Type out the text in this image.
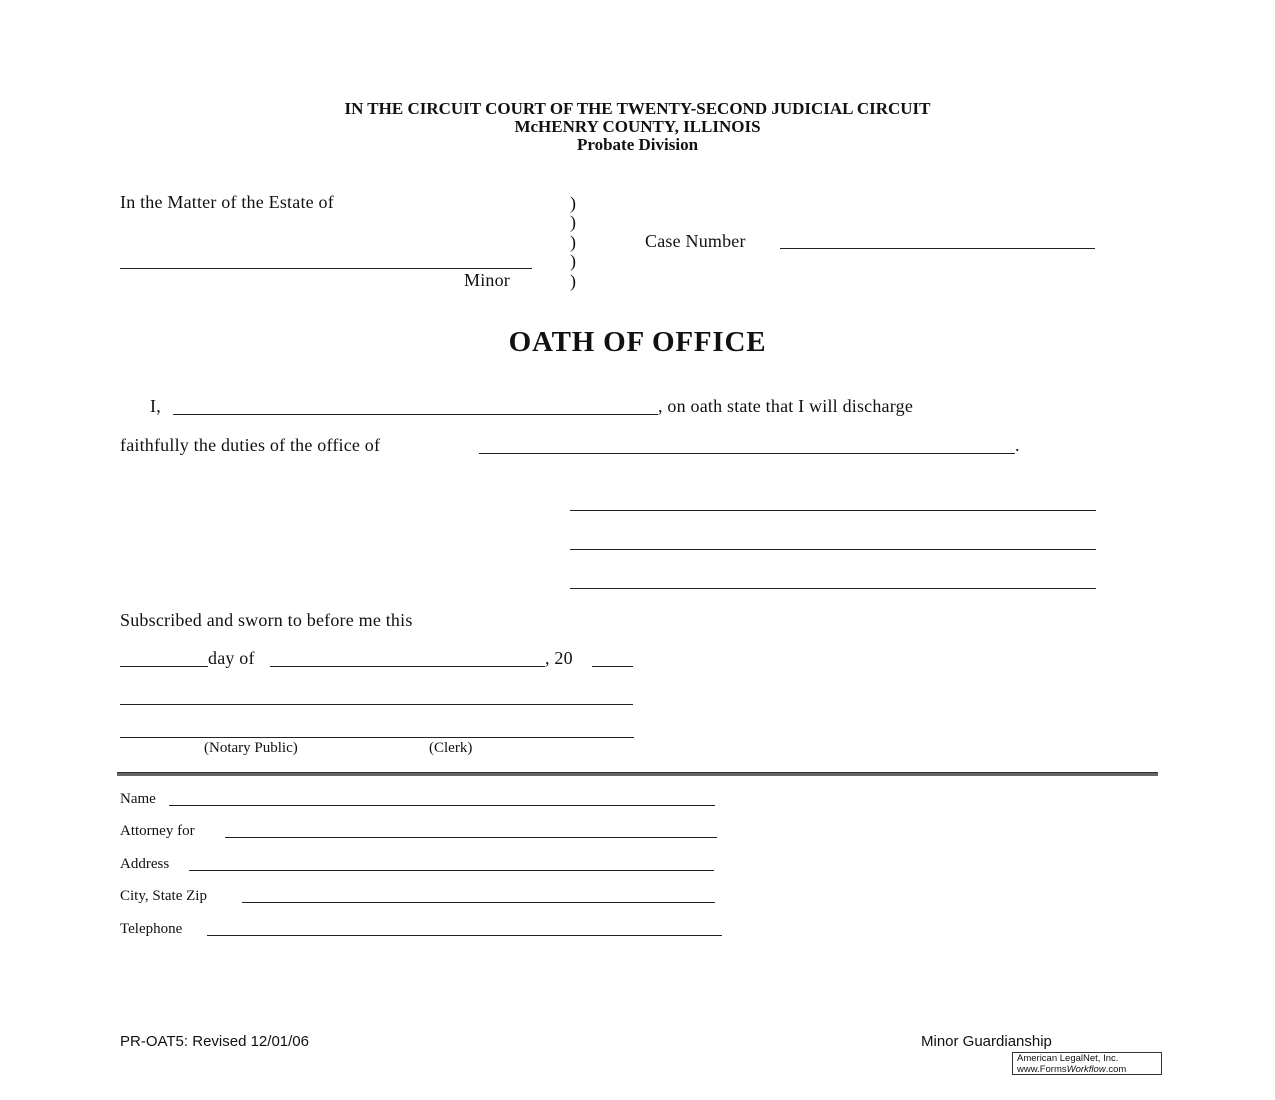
IN THE CIRCUIT COURT OF THE TWENTY-SECOND JUDICIAL CIRCUIT
McHENRY COUNTY, ILLINOIS
Probate Division
In the Matter of the Estate of
Minor
)
)
)
)
)
Case Number
OATH OF OFFICE
I,	, on oath state that I will discharge
faithfully the duties of the office of	.
Subscribed and sworn to before me this
day of	, 20
(Notary Public)	(Clerk)
Name
Attorney for
Address
City, State Zip
Telephone
PR-OAT5: Revised 12/01/06	Minor Guardianship
American LegalNet, Inc.
www.FormsWorkflow.com
